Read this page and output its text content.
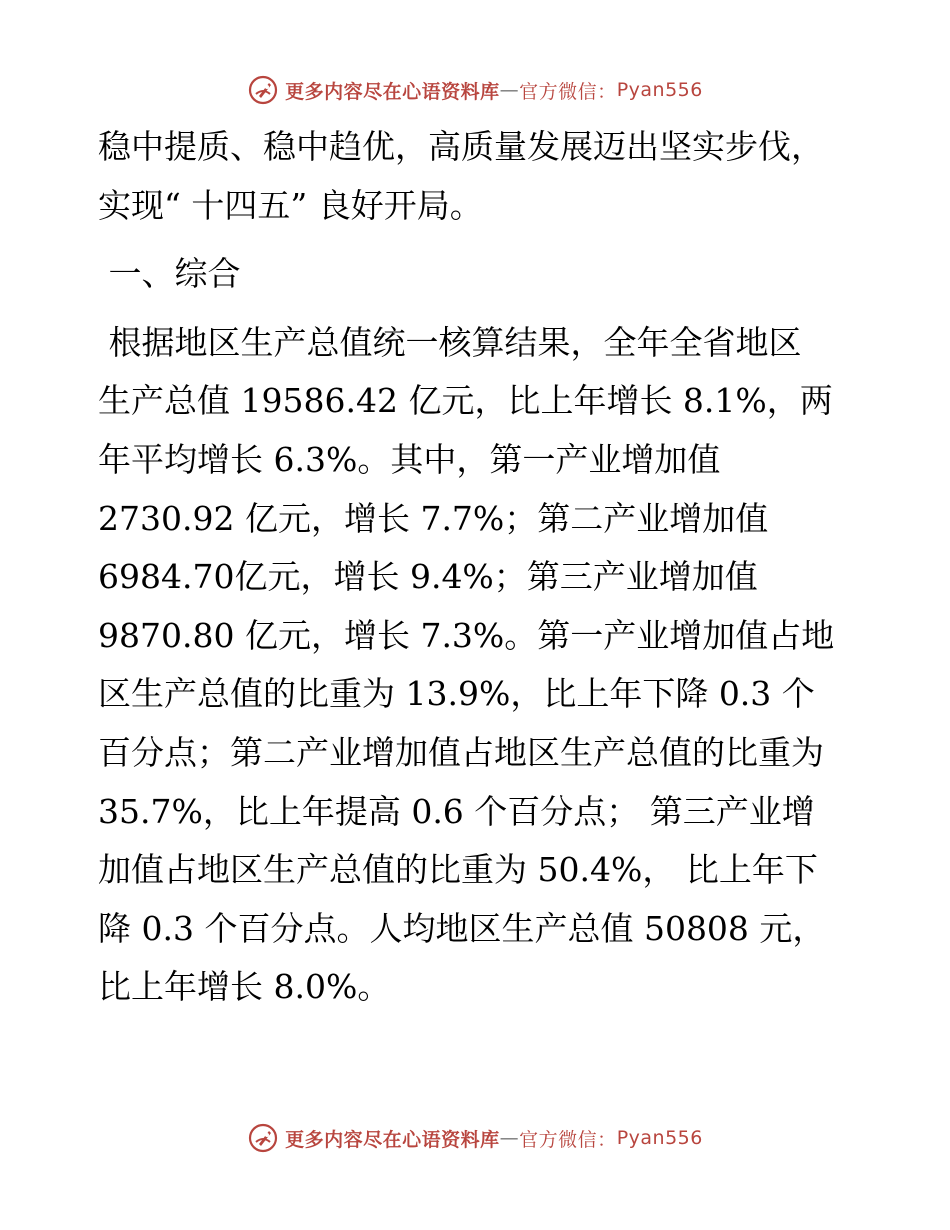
更多内容尽在心语资料库 — 官方微信： Pyan556

稳中提质、稳中趋优，高质量发展迈出坚实步伐，

实现“ 十四五” 良好开局。

一、综合

根据地区生产总值统一核算结果，全年全省地区

生产总值 19586.42 亿元，比上年增长 8.1%，两

年平均增长 6.3%。其中，第一产业增加值

2730.92 亿元，增长 7.7%；第二产业增加值

6984.70亿元，增长 9.4%；第三产业增加值

9870.80 亿元，增长 7.3%。第一产业增加值占地

区生产总值的比重为 13.9%，比上年下降 0.3 个

百分点；第二产业增加值占地区生产总值的比重为

35.7%，比上年提高 0.6 个百分点； 第三产业增

加值占地区生产总值的比重为 50.4%， 比上年下

降 0.3 个百分点。人均地区生产总值 50808 元，

比上年增长 8.0%。

更多内容尽在心语资料库 — 官方微信： Pyan556
